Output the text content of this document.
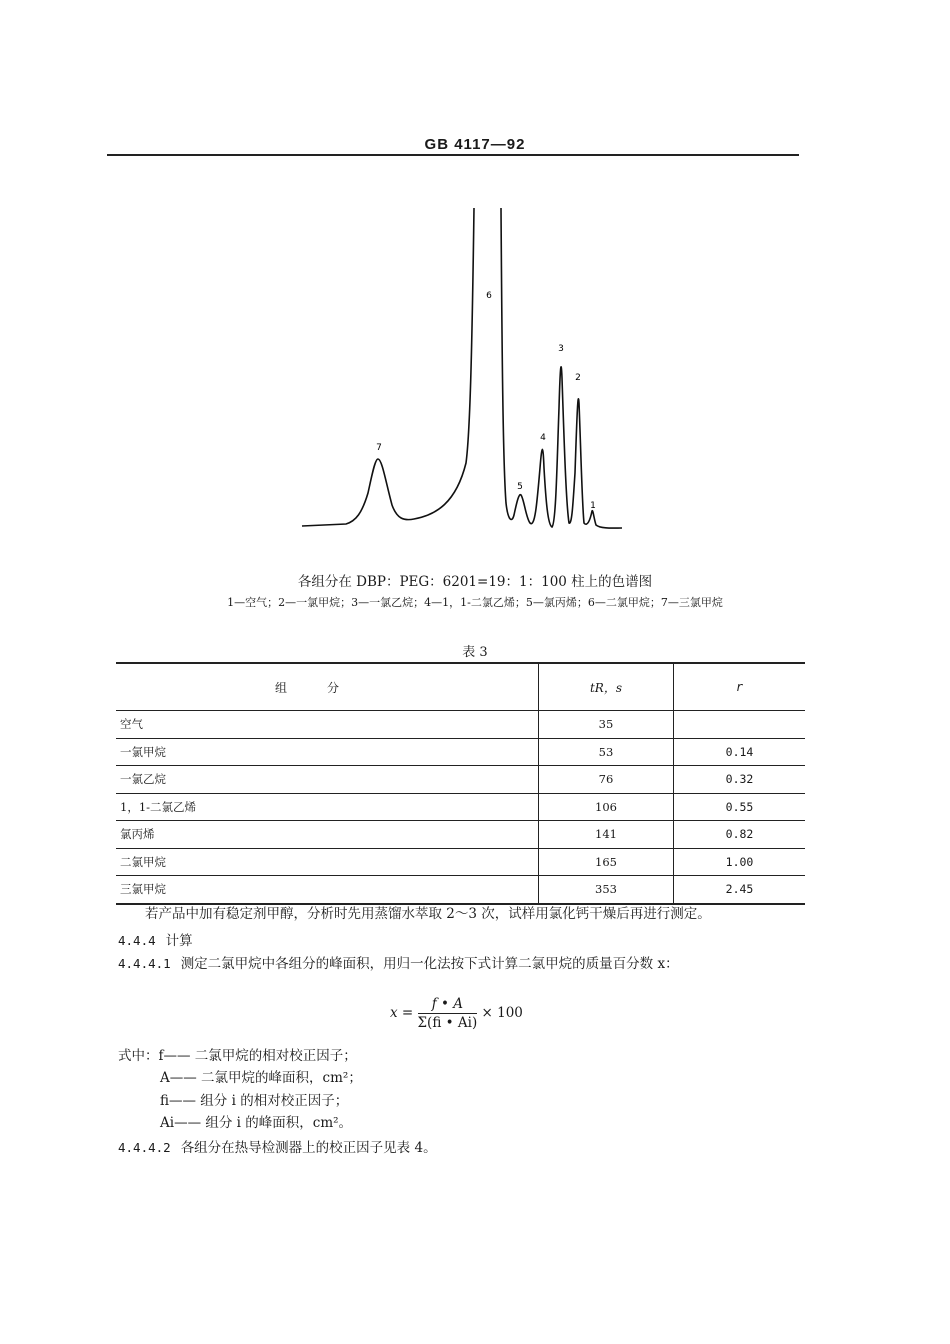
GB 4117—92
6
3
2
4
7
5
1
各组分在 DBP：PEG：6201=19：1：100 柱上的色谱图
1—空气；2—一氯甲烷；3—一氯乙烷；4—1，1-二氯乙烯；5—氯丙烯；6—二氯甲烷；7—三氯甲烷
表 3
组分	tR，s	r
空气	35	
一氯甲烷	53	0.14
一氯乙烷	76	0.32
1，1-二氯乙烯	106	0.55
氯丙烯	141	0.82
二氯甲烷	165	1.00
三氯甲烷	353	2.45
若产品中加有稳定剂甲醇，分析时先用蒸馏水萃取 2～3 次，试样用氯化钙干燥后再进行测定。
4.4.4 计算
4.4.4.1 测定二氯甲烷中各组分的峰面积，用归一化法按下式计算二氯甲烷的质量百分数 x：
$x = \frac{f • A}{\Sigma(fi • Ai)} \times 100$
式中：f—— 二氯甲烷的相对校正因子；
A—— 二氯甲烷的峰面积，cm²；
fi—— 组分 i 的相对校正因子；
Ai—— 组分 i 的峰面积，cm²。
4.4.4.2 各组分在热导检测器上的校正因子见表 4。
